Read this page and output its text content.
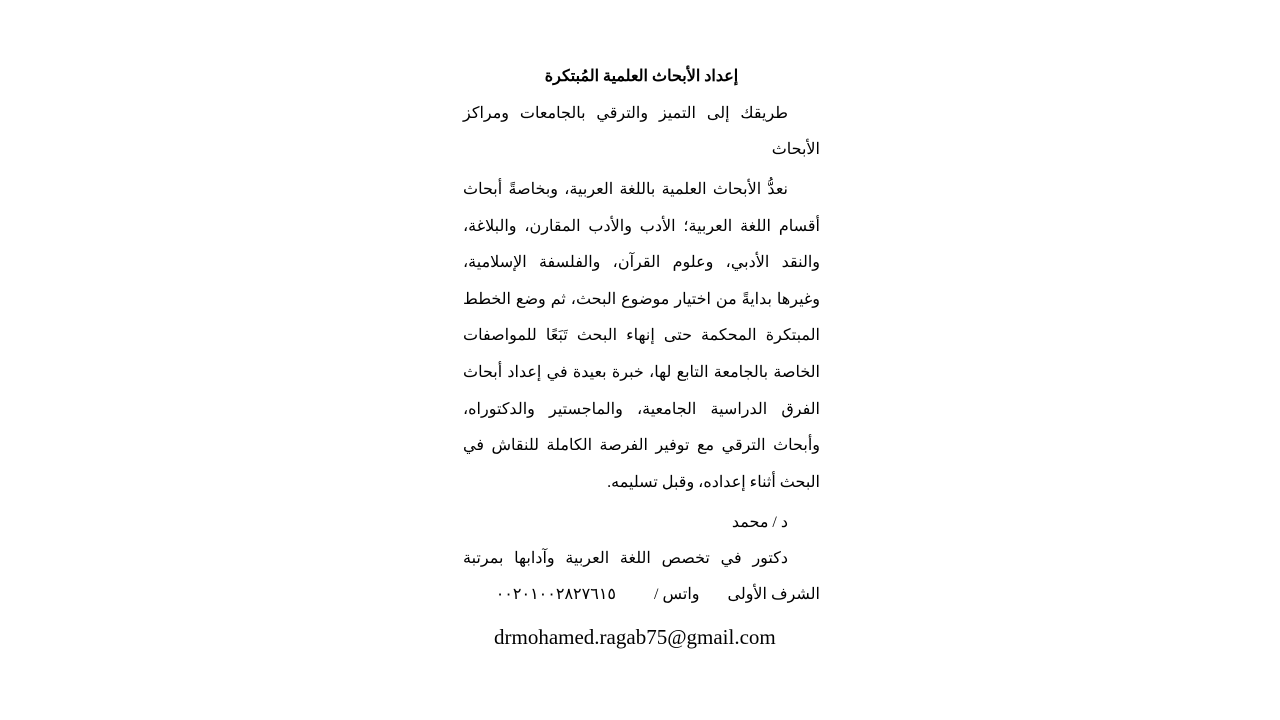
إعداد الأبحاث العلمية المُبتكرة

طريقك إلى التميز والترقي بالجامعات ومراكز الأبحاث

نعدُّ الأبحاث العلمية باللغة العربية، وبخاصةً أبحاث أقسام اللغة العربية؛ الأدب والأدب المقارن، والبلاغة، والنقد الأدبي، وعلوم القرآن، والفلسفة الإسلامية، وغيرها بدايةً من اختيار موضوع البحث، ثم وضع الخطط المبتكرة المحكمة حتى إنهاء البحث تَبَعًا للمواصفات الخاصة بالجامعة التابع لها، خبرة بعيدة في إعداد أبحاث الفرق الدراسية الجامعية، والماجستير والدكتوراه، وأبحاث الترقي مع توفير الفرصة الكاملة للنقاش في البحث أثناء إعداده، وقبل تسليمه.

د / محمد

دكتور في تخصص اللغة العربية وآدابها بمرتبة الشرف الأولى       واتس /٠٠٢٠١٠٠٢٨٢٧٦١٥

drmohamed.ragab75@gmail.com
